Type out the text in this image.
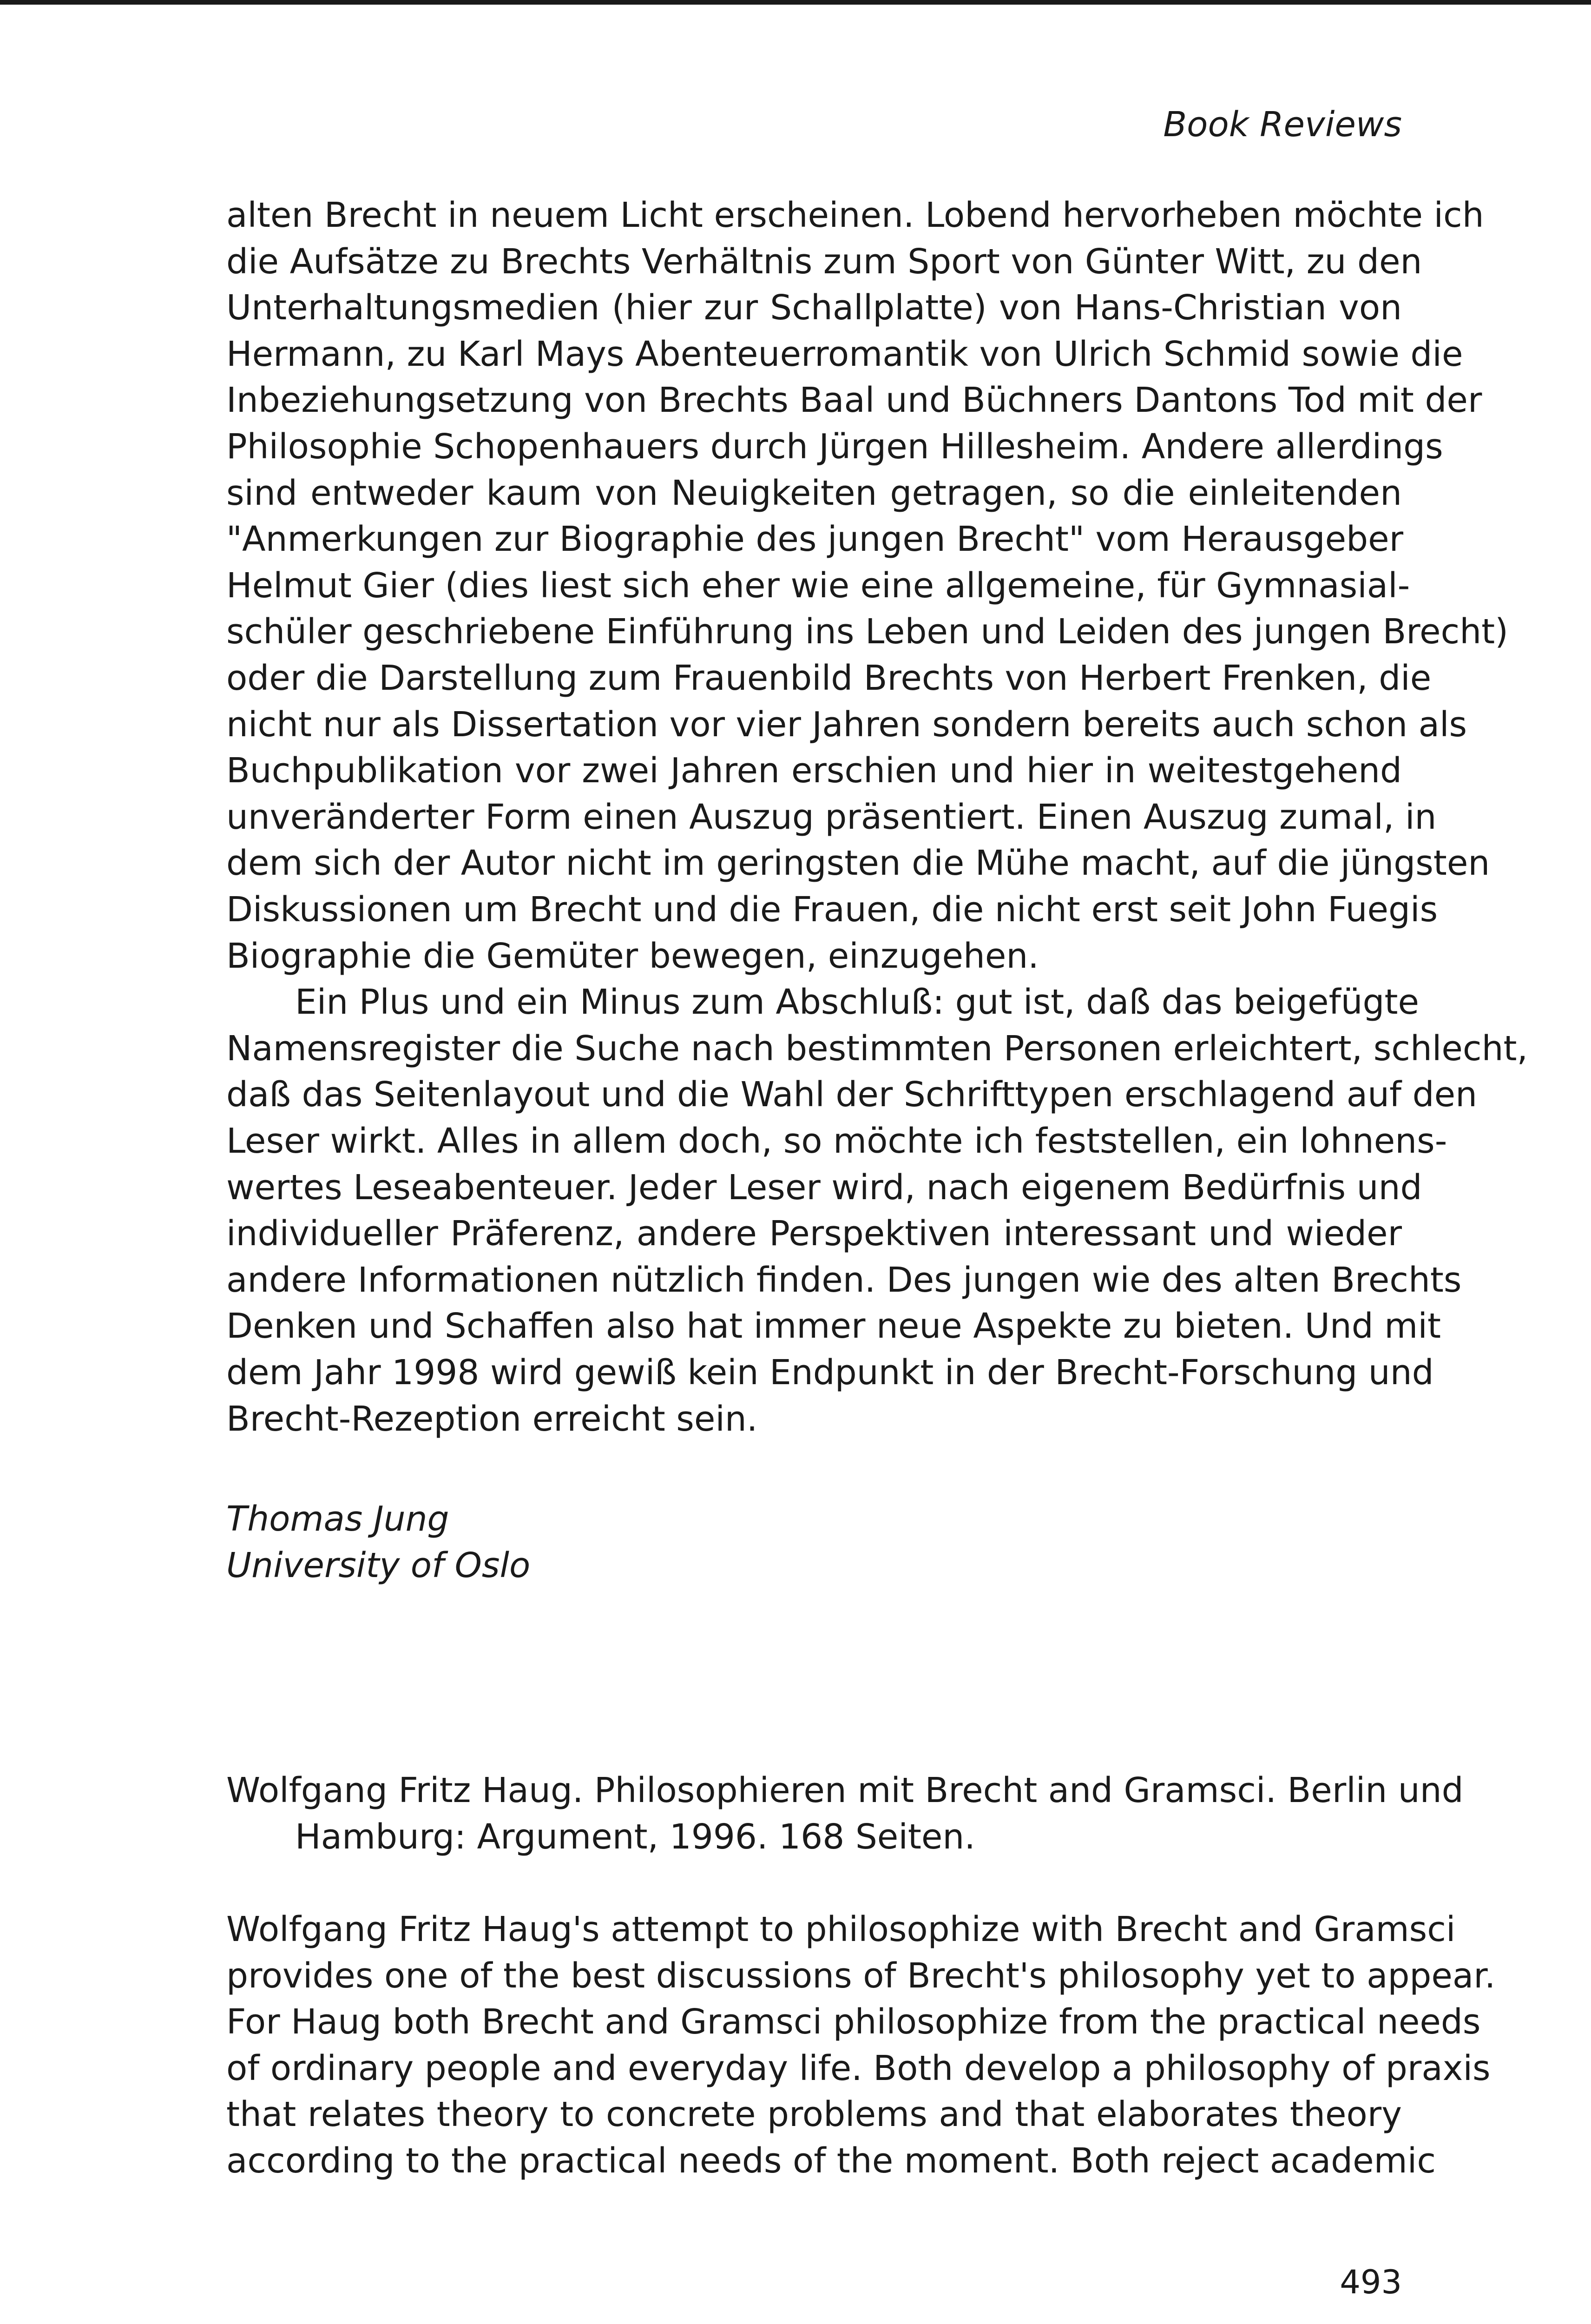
Book Reviews
alten Brecht in neuem Licht erscheinen. Lobend hervorheben möchte ich
die Aufsätze zu Brechts Verhältnis zum Sport von Günter Witt, zu den
Unterhaltungsmedien (hier zur Schallplatte) von Hans-Christian von
Hermann, zu Karl Mays Abenteuerromantik von Ulrich Schmid sowie die
Inbeziehungsetzung von Brechts Baal und Büchners Dantons Tod mit der
Philosophie Schopenhauers durch Jürgen Hillesheim. Andere allerdings
sind entweder kaum von Neuigkeiten getragen, so die einleitenden
"Anmerkungen zur Biographie des jungen Brecht" vom Herausgeber
Helmut Gier (dies liest sich eher wie eine allgemeine, für Gymnasial-
schüler geschriebene Einführung ins Leben und Leiden des jungen Brecht)
oder die Darstellung zum Frauenbild Brechts von Herbert Frenken, die
nicht nur als Dissertation vor vier Jahren sondern bereits auch schon als
Buchpublikation vor zwei Jahren erschien und hier in weitestgehend
unveränderter Form einen Auszug präsentiert. Einen Auszug zumal, in
dem sich der Autor nicht im geringsten die Mühe macht, auf die jüngsten
Diskussionen um Brecht und die Frauen, die nicht erst seit John Fuegis
Biographie die Gemüter bewegen, einzugehen.
Ein Plus und ein Minus zum Abschluß: gut ist, daß das beigefügte
Namensregister die Suche nach bestimmten Personen erleichtert, schlecht,
daß das Seitenlayout und die Wahl der Schrifttypen erschlagend auf den
Leser wirkt. Alles in allem doch, so möchte ich feststellen, ein lohnens-
wertes Leseabenteuer. Jeder Leser wird, nach eigenem Bedürfnis und
individueller Präferenz, andere Perspektiven interessant und wieder
andere Informationen nützlich finden. Des jungen wie des alten Brechts
Denken und Schaffen also hat immer neue Aspekte zu bieten. Und mit
dem Jahr 1998 wird gewiß kein Endpunkt in der Brecht-Forschung und
Brecht-Rezeption erreicht sein.
Thomas Jung
University of Oslo
Wolfgang Fritz Haug. Philosophieren mit Brecht and Gramsci. Berlin und
Hamburg: Argument, 1996. 168 Seiten.
Wolfgang Fritz Haug's attempt to philosophize with Brecht and Gramsci
provides one of the best discussions of Brecht's philosophy yet to appear.
For Haug both Brecht and Gramsci philosophize from the practical needs
of ordinary people and everyday life. Both develop a philosophy of praxis
that relates theory to concrete problems and that elaborates theory
according to the practical needs of the moment. Both reject academic
493
